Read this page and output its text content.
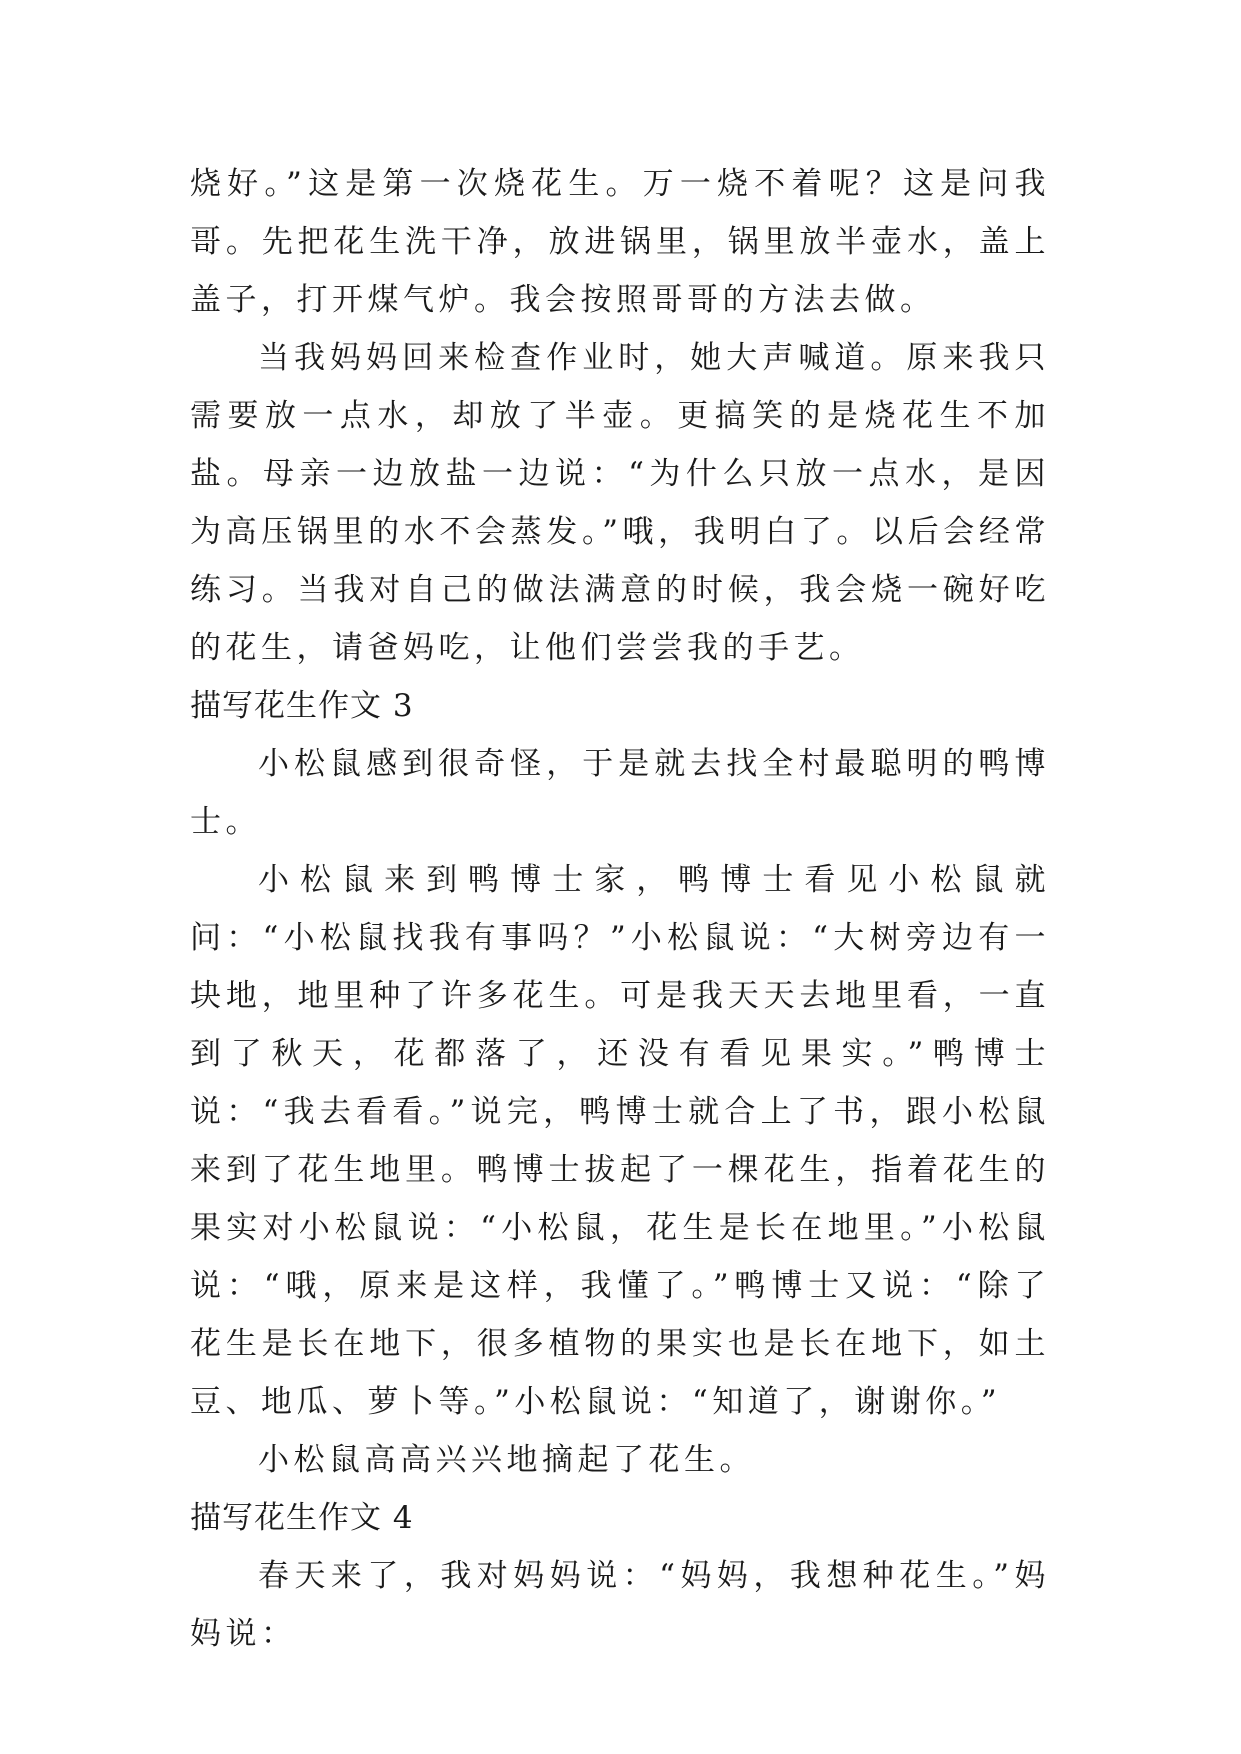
烧好。”这是第一次烧花生。万一烧不着呢？这是问我哥。先把花生洗干净，放进锅里，锅里放半壶水，盖上盖子，打开煤气炉。我会按照哥哥的方法去做。

当我妈妈回来检查作业时，她大声喊道。原来我只需要放一点水，却放了半壶。更搞笑的是烧花生不加盐。母亲一边放盐一边说：“为什么只放一点水，是因为高压锅里的水不会蒸发。”哦，我明白了。以后会经常练习。当我对自己的做法满意的时候，我会烧一碗好吃的花生，请爸妈吃，让他们尝尝我的手艺。

描写花生作文 3

小松鼠感到很奇怪，于是就去找全村最聪明的鸭博士。

小松鼠来到鸭博士家，鸭博士看见小松鼠就问：“小松鼠找我有事吗？”小松鼠说：“大树旁边有一块地，地里种了许多花生。可是我天天去地里看，一直到了秋天，花都落了，还没有看见果实。”鸭博士说：“我去看看。”说完，鸭博士就合上了书，跟小松鼠来到了花生地里。鸭博士拔起了一棵花生，指着花生的果实对小松鼠说：“小松鼠，花生是长在地里。”小松鼠说：“哦，原来是这样，我懂了。”鸭博士又说：“除了花生是长在地下，很多植物的果实也是长在地下，如土豆、地瓜、萝卜等。”小松鼠说：“知道了，谢谢你。”

小松鼠高高兴兴地摘起了花生。

描写花生作文 4

春天来了，我对妈妈说：“妈妈，我想种花生。”妈妈说：
